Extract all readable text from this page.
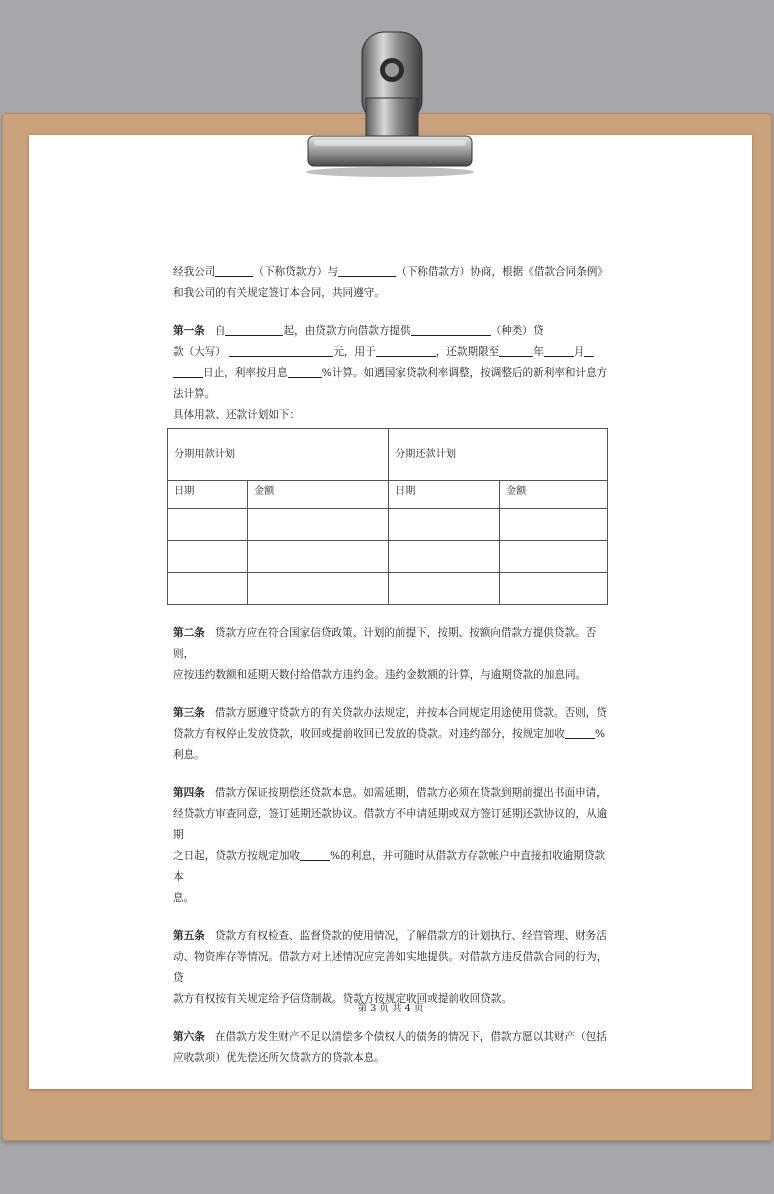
经我公司	（下称贷款方）与	（下称借款方）协商，根据《借款合同条例》
和我公司的有关规定签订本合同，共同遵守。

第一条 自	起，由贷款方向借款方提供	（种类）贷
款（大写）	元，用于	，还款期限至	年	月
日止，利率按月息	%计算。如遇国家贷款利率调整，按调整后的新利率和计息方
法计算。
具体用款、还款计划如下：

分期用款计划		分期还款计划	
日期	金额	日期	金额

第二条 贷款方应在符合国家信贷政策、计划的前提下，按期、按额向借款方提供贷款。否则，
应按违约数额和延期天数付给借款方违约金。违约金数额的计算，与逾期贷款的加息同。

第三条 借款方愿遵守贷款方的有关贷款办法规定，并按本合同规定用途使用贷款。否则，贷
贷款方有权停止发放贷款，收回或提前收回已发放的贷款。对违约部分，按规定加收	%利息。

第四条 借款方保证按期偿还贷款本息。如需延期，借款方必须在贷款到期前提出书面申请，
经贷款方审查同意，签订延期还款协议。借款方不申请延期或双方签订延期还款协议的，从逾期
之日起，贷款方按规定加收	%的利息，并可随时从借款方存款帐户中直接扣收逾期贷款本
息。

第五条 贷款方有权检查、监督贷款的使用情况，了解借款方的计划执行、经营管理、财务活
动、物资库存等情况。借款方对上述情况应完善如实地提供。对借款方违反借款合同的行为，贷
款方有权按有关规定给予信贷制裁。贷款方按规定收回或提前收回贷款。

第六条 在借款方发生财产不足以清偿多个债权人的债务的情况下，借款方愿以其财产（包括
应收款项）优先偿还所欠贷款方的贷款本息。

第 3 页 共 4 页
